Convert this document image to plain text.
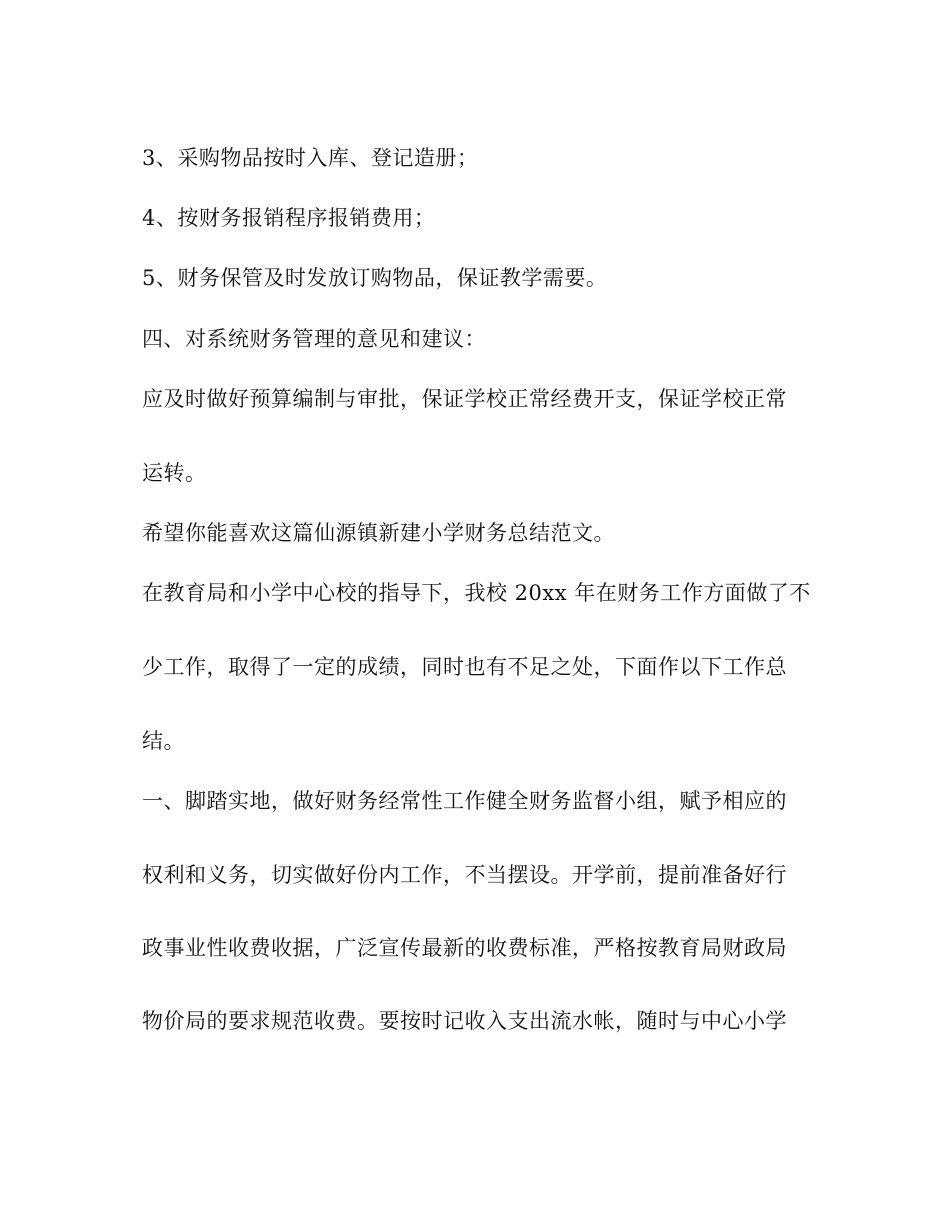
3、采购物品按时入库、登记造册；

4、按财务报销程序报销费用；

5、财务保管及时发放订购物品，保证教学需要。

四、对系统财务管理的意见和建议：

应及时做好预算编制与审批，保证学校正常经费开支，保证学校正常

运转。

希望你能喜欢这篇仙源镇新建小学财务总结范文。

在教育局和小学中心校的指导下，我校 20xx 年在财务工作方面做了不

少工作，取得了一定的成绩，同时也有不足之处，下面作以下工作总

结。

一、脚踏实地，做好财务经常性工作健全财务监督小组，赋予相应的

权利和义务，切实做好份内工作，不当摆设。开学前，提前准备好行

政事业性收费收据，广泛宣传最新的收费标准，严格按教育局财政局

物价局的要求规范收费。要按时记收入支出流水帐，随时与中心小学
